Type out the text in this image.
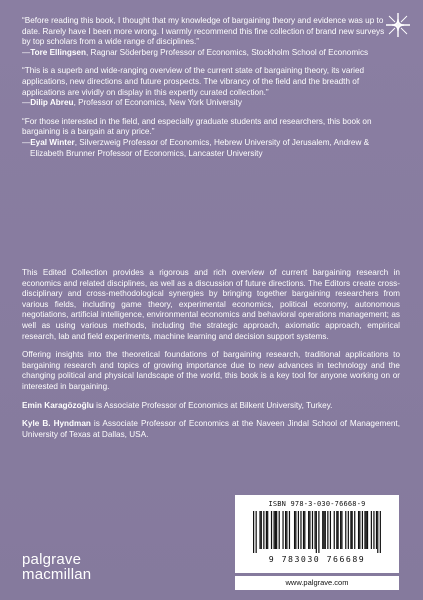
“Before reading this book, I thought that my knowledge of bargaining theory and evidence was up to date. Rarely have I been more wrong. I warmly recommend this fine collection of brand new surveys by top scholars from a wide range of disciplines.”

—Tore Ellingsen, Ragnar Söderberg Professor of Economics, Stockholm School of Economics

“This is a superb and wide-ranging overview of the current state of bargaining theory, its varied applications, new directions and future prospects. The vibrancy of the field and the breadth of applications are vividly on display in this expertly curated collection.”

—Dilip Abreu, Professor of Economics, New York University

“For those interested in the field, and especially graduate students and researchers, this book on bargaining is a bargain at any price.”

—Eyal Winter, Silverzweig Professor of Economics, Hebrew University of Jerusalem, Andrew & Elizabeth Brunner Professor of Economics, Lancaster University

This Edited Collection provides a rigorous and rich overview of current bargaining research in economics and related disciplines, as well as a discussion of future directions. The Editors create cross-disciplinary and cross-methodological synergies by bringing together bargaining researchers from various fields, including game theory, experimental economics, political economy, autonomous negotiations, artificial intelligence, environmental economics and behavioral operations management; as well as using various methods, including the strategic approach, axiomatic approach, empirical research, lab and field experiments, machine learning and decision support systems.

Offering insights into the theoretical foundations of bargaining research, traditional applications to bargaining research and topics of growing importance due to new advances in technology and the changing political and physical landscape of the world, this book is a key tool for anyone working on or interested in bargaining.

Emin Karagözoğlu is Associate Professor of Economics at Bilkent University, Turkey.

Kyle B. Hyndman is Associate Professor of Economics at the Naveen Jindal School of Management, University of Texas at Dallas, USA.

ISBN 978-3-030-76668-9
9 783030 766689
www.palgrave.com
palgrave
macmillan
